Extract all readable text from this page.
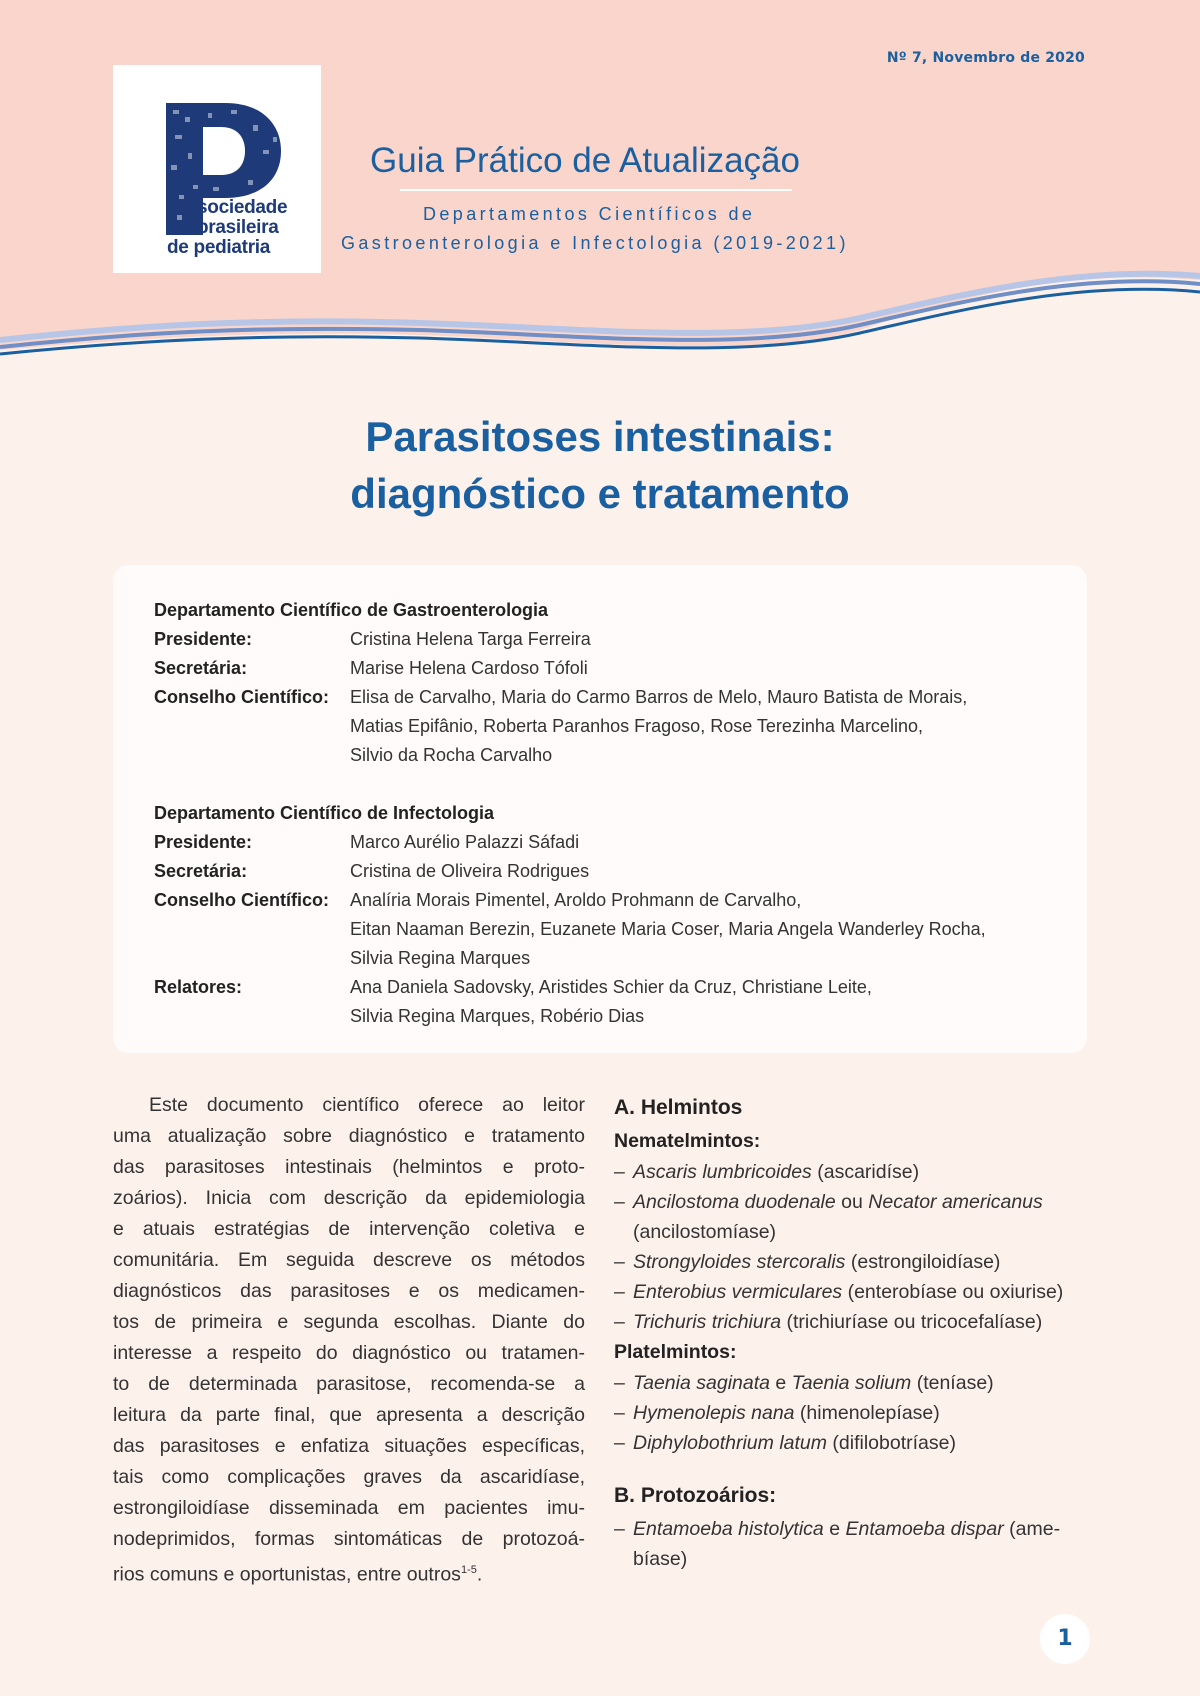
Nº 7, Novembro de 2020
sociedade
brasileira
de pediatria
Guia Prático de Atualização
Departamentos Científicos de
Gastroenterologia e Infectologia (2019-2021)
Parasitoses intestinais:
diagnóstico e tratamento
Departamento Científico de Gastroenterologia
Presidente:	Cristina Helena Targa Ferreira
Secretária:	Marise Helena Cardoso Tófoli
Conselho Científico:	Elisa de Carvalho, Maria do Carmo Barros de Melo, Mauro Batista de Morais,
Matias Epifânio, Roberta Paranhos Fragoso, Rose Terezinha Marcelino,
Silvio da Rocha Carvalho
Departamento Científico de Infectologia
Presidente:	Marco Aurélio Palazzi Sáfadi
Secretária:	Cristina de Oliveira Rodrigues
Conselho Científico:	Analíria Morais Pimentel, Aroldo Prohmann de Carvalho,
Eitan Naaman Berezin, Euzanete Maria Coser, Maria Angela Wanderley Rocha,
Silvia Regina Marques
Relatores:	Ana Daniela Sadovsky, Aristides Schier da Cruz, Christiane Leite,
Silvia Regina Marques, Robério Dias
Este documento científico oferece ao leitor
uma atualização sobre diagnóstico e tratamento
das parasitoses intestinais (helmintos e proto-
zoários). Inicia com descrição da epidemiologia
e atuais estratégias de intervenção coletiva e
comunitária. Em seguida descreve os métodos
diagnósticos das parasitoses e os medicamen-
tos de primeira e segunda escolhas. Diante do
interesse a respeito do diagnóstico ou tratamen-
to de determinada parasitose, recomenda-se a
leitura da parte final, que apresenta a descrição
das parasitoses e enfatiza situações específicas,
tais como complicações graves da ascaridíase,
estrongiloidíase disseminada em pacientes imu-
nodeprimidos, formas sintomáticas de protozoá-
rios comuns e oportunistas, entre outros$^{1-5}$.
A. Helmintos
Nematelmintos:
– Ascaris lumbricoides (ascaridíse)
– Ancilostoma duodenale ou Necator americanus (ancilostomíase)
– Strongyloides stercoralis (estrongiloidíase)
– Enterobius vermiculares (enterobíase ou oxiurise)
– Trichuris trichiura (trichiuríase ou tricocefalíase)
Platelmintos:
– Taenia saginata e Taenia solium (teníase)
– Hymenolepis nana (himenolepíase)
– Diphylobothrium latum (difilobotríase)
B. Protozoários:
– Entamoeba histolytica e Entamoeba dispar (ame-bíase)
1
